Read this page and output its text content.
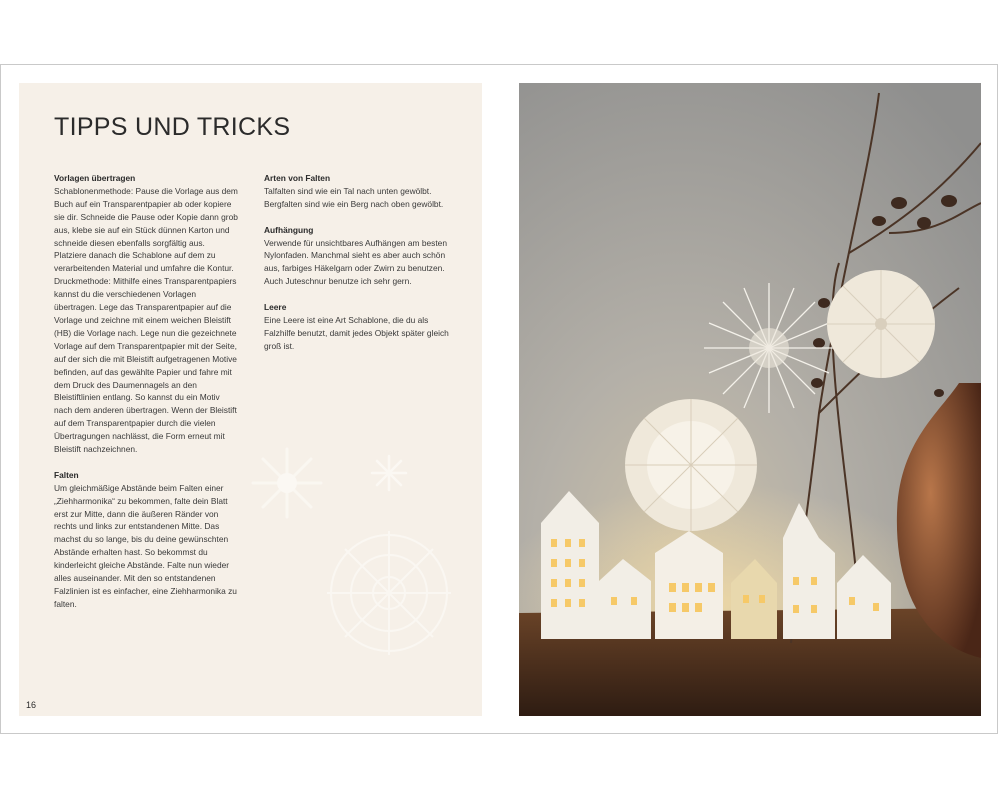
TIPPS UND TRICKS
Vorlagen übertragen

Schablonenmethode: Pause die Vorlage aus dem Buch auf ein Transparentpapier ab oder kopiere sie dir. Schneide die Pause oder Kopie dann grob aus, klebe sie auf ein Stück dünnen Karton und schneide diesen ebenfalls sorgfältig aus. Platziere danach die Schablone auf dem zu verarbeitenden Material und umfahre die Kontur.

Druckmethode: Mithilfe eines Transparentpapiers kannst du die verschiedenen Vorlagen übertragen. Lege das Transparentpapier auf die Vorlage und zeichne mit einem weichen Bleistift (HB) die Vorlage nach. Lege nun die gezeichnete Vorlage auf dem Transparentpapier mit der Seite, auf der sich die mit Bleistift aufgetragenen Motive befinden, auf das gewählte Papier und fahre mit dem Druck des Daumennagels an den Bleistiftlinien entlang. So kannst du ein Motiv nach dem anderen übertragen. Wenn der Bleistift auf dem Transparentpapier durch die vielen Übertragungen nachlässt, die Form erneut mit Bleistift nachzeichnen.

Falten

Um gleichmäßige Abstände beim Falten einer „Ziehharmonika“ zu bekommen, falte dein Blatt erst zur Mitte, dann die äußeren Ränder von rechts und links zur entstandenen Mitte. Das machst du so lange, bis du deine gewünschten Abstände erhalten hast. So bekommst du kinderleicht gleiche Abstände. Falte nun wieder alles auseinander. Mit den so entstandenen Falzlinien ist es einfacher, eine Ziehharmonika zu falten.

Arten von Falten

Talfalten sind wie ein Tal nach unten gewölbt. Bergfalten sind wie ein Berg nach oben gewölbt.

Aufhängung

Verwende für unsichtbares Aufhängen am besten Nylonfaden. Manchmal sieht es aber auch schön aus, farbiges Häkelgarn oder Zwirn zu benutzen. Auch Juteschnur benutze ich sehr gern.

Leere

Eine Leere ist eine Art Schablone, die du als Falzhilfe benutzt, damit jedes Objekt später gleich groß ist.

16
